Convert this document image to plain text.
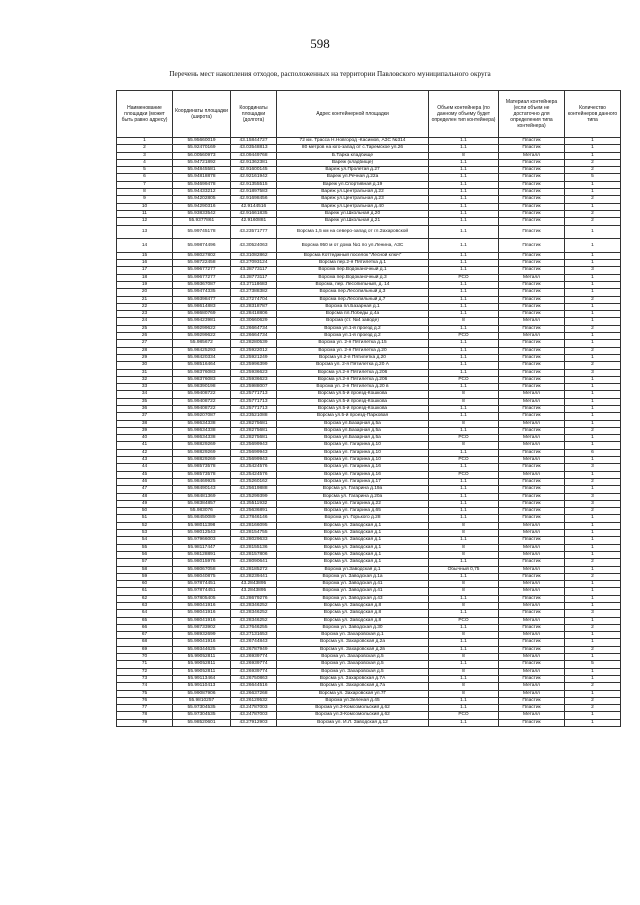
598
Перечень мест накопления отходов, расположенных на территории Павловского муниципального округа
Наименование площадки (может быть равно адресу)	Координаты площадки (широта)	Координаты площадки (долгота)	Адрес контейнерной площадки	Объем контейнера (по данному объему будет определен тип контейнера)	Материал контейнера (если объем не достаточно для определения типа контейнера)	Количество контейнеров данного типа
1	55.95660019	43.15844727	72 км. Трасса Н.Новгород -Касимов, АЗС №314	1.1	Пластик	1
2	55.92470169	43.03548813	80 метров на юго-запад от с.Таремское ул.26	1.1	Пластик	1
3	56.00560973	43.09449768	Б.Тарка кладбище	8	Металл	1
4	55.94721892	42.91362381	Вареж (кладбище)	1.1	Пластик	2
5	55.94845581	42.91600145	Вареж ул.Пролетая д.27	1.1	Пластик	2
6	55.94818878	42.92161942	Вареж ул.Речная д.22а	1.1	Пластик	5
7	55.94699478	42.91355515	Вареж ул.Спортивная д.19	1.1	Пластик	1
8	55.94433212	42.91897583	Вареж ул.Центральная д.22	1.1	Пластик	1
9	55.94202805	42.91698456	Вареж ул.Центральная д.23	1.1	Пластик	2
10	55.94290316	42.9144516	Вареж ул.Центральная д.40	1.1	Пластик	1
11	55.93833542	42.91661835	Вареж ул.Школьная д.20	1.1	Пластик	2
12	55.9377861	42.9160881	Вареж ул.Школьная д.21	1.1	Пластик	2
13	55.99745178	43.23571777	Ворсма 1,5 км на северо-запад от гл.Захаровской	1.1	Пластик	1
14	55.99874496	43.30524063	Ворсма 950 м от дома №1 по ул.Ленина, АЗС	1.1	Пластик	1
15	55.98027802	43.31082862	Ворсма Коттеджный поселок "Лесной ключ"	1.1	Пластик	1
16	55.98722458	43.27093124	Ворсма пер.2-я Пятилетка д.1	1.1	Пластик	1
17	55.99677277	43.28773117	Ворсма пер.Водоканочный д.1	1.1	Пластик	3
18	55.99677277	43.28773117	Ворсма пер.Водоканочный д.3	РСО	Металл	1
19	55.99367087	43.27118683	Ворсма, пер. Лесопильный, д. 14	1.1	Пластик	1
20	55.99474335	43.27388382	Ворсма пер.Лесопильный д.3	1.1	Пластик	1
21	55.99398477	43.27274704	Ворсма пер.Лесопильный д.7	1.1	Пластик	2
22	55.98614883	43.28318787	Ворсма пл.Базарная д.1	1.1	Пластик	1
23	55.98680769	43.28418806	Ворсма пл.Победы д.4а	1.1	Пластик	1
24	55.99423981	43.30660629	Ворсма (ст. №4 заводе)	8	Металл	1
25	55.99299622	43.26664734	Ворсма ул.1-й проезд д.2	1.1	Пластик	2
26	55.99299622	43.26664734	Ворсма ул.1-й проезд д.2	РСО	Металл	1
27	55.985672	43.28280539	Ворсма ул. 2-я Пятилетка д.15	1.1	Пластик	1
28	55.98425293	43.25922012	Ворсма ул. 2-я Пятилетка д.20	1.1	Пластик	2
29	55.98420334	43.25921249	Ворсма ул.2-я Пятилетка д.20	1.1	Пластик	1
30	55.98516464	43.25996399	Ворсма ул. 2-я Пятилетка д.20 А	1.1	Пластик	2
31	55.98376083	43.25936623	Ворсма ул.2-я Пятилетка д.206	1.1	Пластик	3
32	55.98376083	43.25936623	Ворсма ул.2-я Пятилетка д.206	РСО	Пластик	1
33	55.98390198	43.25988007	Ворсма ул. 2-я Пятилетка д.20 в	1.1	Пластик	1
34	55.99408722	43.25771713	Ворсма ул.5-й проезд-Кошкова	8	Металл	1
35	55.99408722	43.25771713	Ворсма ул.5-й проезд-Кошкова	8	Металл	1
36	55.99408722	43.25771713	Ворсма ул.5-й проезд-Кошкова	1.1	Пластик	1
37	55.99207087	43.23521088	Ворсма ул.5-й проезд-Парковая	1.1	Пластик	1
38	55.98634338	43.28275681	Ворсма ул.Базарная д.5а	8	Металл	1
39	55.98634338	43.28275681	Ворсма ул.Базарная д.5а	1.1	Пластик	2
40	55.98634338	43.28275681	Ворсма ул.Базарная д.5а	РСО	Металл	1
41	55.98829269	43.25699943	Ворсма ул. Гагарина д.10	8	Металл	1
42	55.98829269	43.25699943	Ворсма ул. Гагарина д.10	1.1	Пластик	6
43	55.98829269	43.25699943	Ворсма ул. Гагарина д.10	РСО	Металл	1
44	55.98573578	43.25424576	Ворсма ул. Гагарина д.16	1.1	Пластик	3
45	55.98573578	43.25424576	Ворсма ул. Гагарина д.16	РСО	Металл	1
46	55.98469925	43.25260162	Ворсма ул. Гагарина д.17	1.1	Пластик	2
47	55.98490143	43.25619888	Ворсма ул. Гагарина д.19а	1.1	Пластик	1
48	55.98481369	43.25299399	Ворсма ул. Гагарина д.20а	1.1	Пластик	3
49	55.98384857	43.25511932	Ворсма ул. Гагарина д.22	1.1	Пластик	3
50	55.983076	43.25636891	Ворсма ул. Гагарина д.65	1.1	Пластик	2
51	55.98450089	43.27846146	Ворсма ул. Горького д.28	1.1	Пластик	1
52	55.98011398	43.28166095	Ворсма ул. Заводская д.1	8	Металл	1
53	55.98012543	43.28154755	Ворсма ул. Заводская д.1	8	Металл	1
54	55.97966003	43.28029633	Ворсма ул. Заводская д.1	1.1	Пластик	1
55	55.98117447	43.28155136	Ворсма ул. Заводская д.1	8	Металл	1
56	55.98128891	43.28157806	Ворсма ул. Заводская д.1	8	Металл	1
57	55.98015976	43.28090641	Ворсма ул. Заводская д.1	1.1	Пластик	2
58	55.98067058	43.28185272	Ворсма ул.Заводская д.1	Обычный 0,75	Металл	1
59	55.98040875	43.28239441	Ворсма ул. Заводская д.1а	1.1	Пластик	2
60	55.97874451	43.2843895	Ворсма ул. Заводская д.41	8	Металл	1
61	55.97874451	43.2843895	Ворсма ул. Заводская д.41	8	Металл	1
62	55.97805405	43.28679276	Ворсма ул. Заводская д.43	1.1	Пластик	1
63	55.98041916	43.28346252	Ворсма ул. Заводская д.8	8	Металл	1
64	55.98041916	43.28346252	Ворсма ул. Заводская д.8	1.1	Пластик	3
65	55.98041916	43.28346252	Ворсма ул. Заводская д.8	РСО	Металл	1
66	55.98733902	43.27646255	Ворсма ул. Заводская д.30	1.1	Пластик	2
67	55.98932699	43.27131653	Ворсма ул. Захаровская д.1	8	Металл	1
68	55.99041916	43.26744843	Ворсма ул. Захаровская д.2а	1.1	Пластик	1
69	55.99344625	43.26787949	Ворсма ул. Захаровская д.2в	1.1	Пластик	2
70	55.99052811	43.26939774	Ворсма ул. Захаровская д.5	8	Металл	1
71	55.99052811	43.26939774	Ворсма ул. Захаровская д.5	1.1	Пластик	5
72	55.99052811	43.26939774	Ворсма ул. Захаровская д.5	8	Металл	1
73	55.99113464	43.26750863	Ворсма ул. Захаровская д.7А	1.1	Пластик	1
74	55.99110413	43.26644516	Ворсма ул. Захаровская д.7а	8	Металл	2
75	55.99087906	43.26637268	Ворсма ул. Захаровская ул.7Г	8	Металл	1
76	55.9810257	43.26129532	Ворсма ул.Зеленая д.45	1.1	Пластик	2
77	55.97304535	43.24787003	Ворсма ул.3-Комсомольский д.62	1.1	Пластик	2
78	55.97304535	43.24787003	Ворсма ул.3-Комсомольский д.62	РСО	Металл	1
79	55.98520601	43.27912903	Ворсма ул. И.Л. Заводская д.12	1.1	Пластик	1
